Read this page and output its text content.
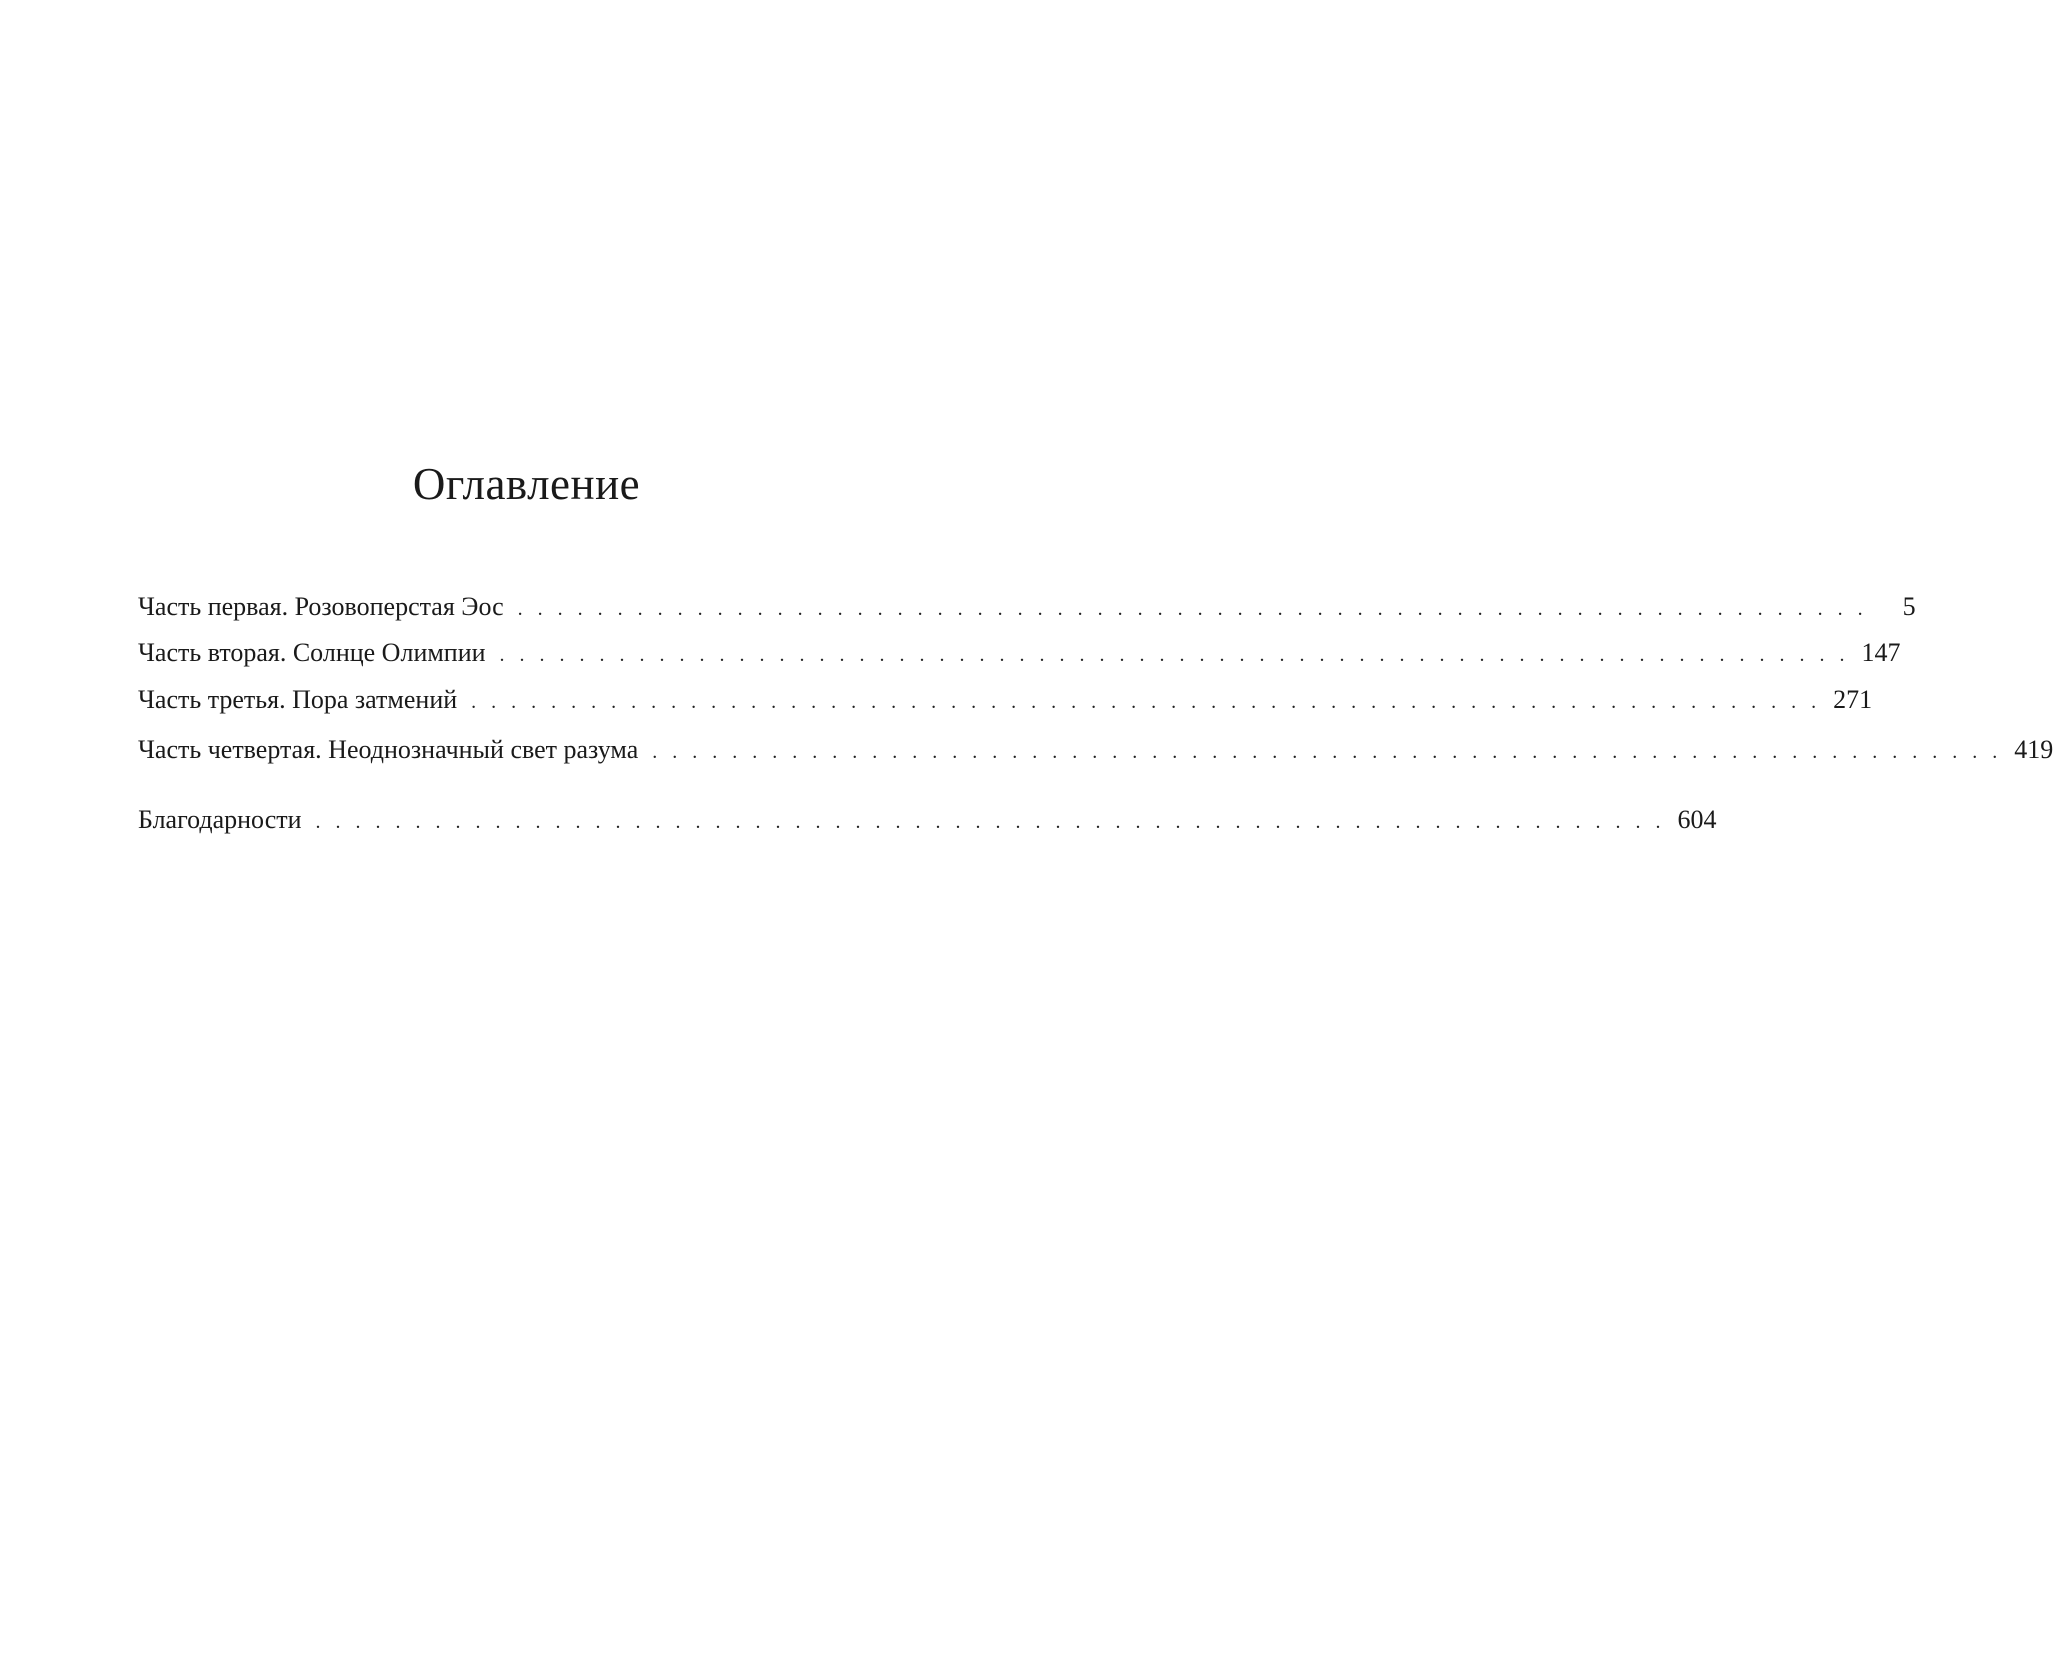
Оглавление
Часть первая. Розовоперстая Эос . . . . . . . . . . . . . . . . . . . . . . . . . . . . . . . . . . . . . . . . . . . . . . . . . . . . . . . . . . . . . . . . . . . .	5
Часть вторая. Солнце Олимпии . . . . . . . . . . . . . . . . . . . . . . . . . . . . . . . . . . . . . . . . . . . . . . . . . . . . . . . . . . . . . . . . . . . . 147
Часть третья. Пора затмений . . . . . . . . . . . . . . . . . . . . . . . . . . . . . . . . . . . . . . . . . . . . . . . . . . . . . . . . . . . . . . . . . . . . 271
Часть четвертая. Неоднозначный свет разума . . . . . . . . . . . . . . . . . . . . . . . . . . . . . . . . . . . . . . . . . . . . . . . . . . . . . . . . . . . . . . . . . . . . 419
Благодарности . . . . . . . . . . . . . . . . . . . . . . . . . . . . . . . . . . . . . . . . . . . . . . . . . . . . . . . . . . . . . . . . . . . . 604
